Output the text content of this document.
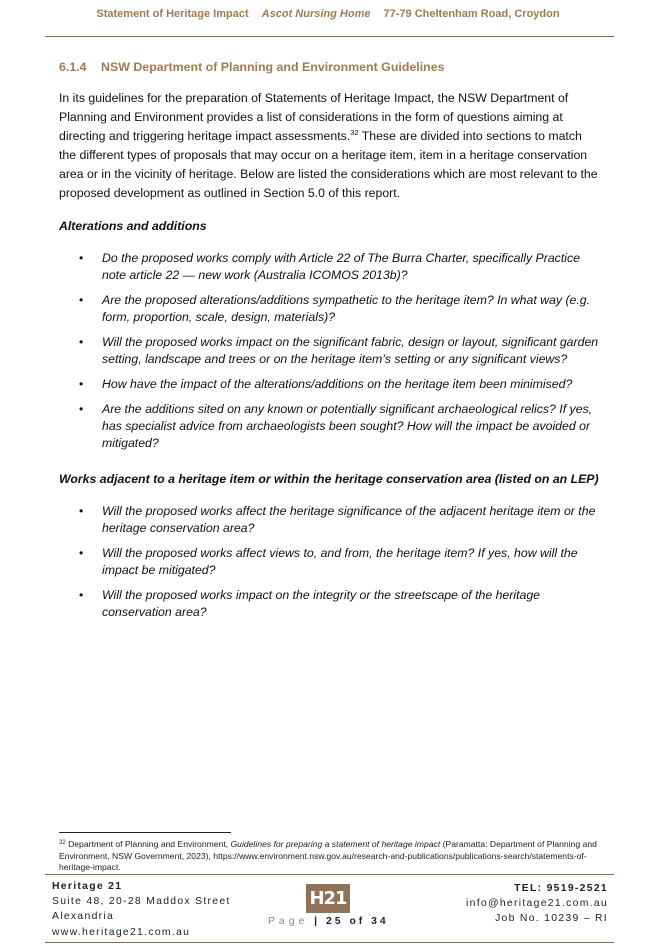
Statement of Heritage Impact Ascot Nursing Home 77-79 Cheltenham Road, Croydon
6.1.4 NSW Department of Planning and Environment Guidelines

In its guidelines for the preparation of Statements of Heritage Impact, the NSW Department of Planning and Environment provides a list of considerations in the form of questions aiming at directing and triggering heritage impact assessments.$^{32}$ These are divided into sections to match the different types of proposals that may occur on a heritage item, item in a heritage conservation area or in the vicinity of heritage. Below are listed the considerations which are most relevant to the proposed development as outlined in Section 5.0 of this report.

Alterations and additions
• Do the proposed works comply with Article 22 of The Burra Charter, specifically Practice note article 22 — new work (Australia ICOMOS 2013b)?
• Are the proposed alterations/additions sympathetic to the heritage item? In what way (e.g. form, proportion, scale, design, materials)?
• Will the proposed works impact on the significant fabric, design or layout, significant garden setting, landscape and trees or on the heritage item’s setting or any significant views?
• How have the impact of the alterations/additions on the heritage item been minimised?
• Are the additions sited on any known or potentially significant archaeological relics? If yes, has specialist advice from archaeologists been sought? How will the impact be avoided or mitigated?
Works adjacent to a heritage item or within the heritage conservation area (listed on an LEP)
• Will the proposed works affect the heritage significance of the adjacent heritage item or the heritage conservation area?
• Will the proposed works affect views to, and from, the heritage item? If yes, how will the impact be mitigated?
• Will the proposed works impact on the integrity or the streetscape of the heritage conservation area?
$^{32}$ Department of Planning and Environment, Guidelines for preparing a statement of heritage impact (Paramatta: Department of Planning and Environment, NSW Government, 2023), https://www.environment.nsw.gov.au/research-and-publications/publications-search/statements-of-heritage-impact.
Heritage 21
Suite 48, 20-28 Maddox Street
Alexandria
www.heritage21.com.au
H21
Page | 25 of 34
TEL: 9519-2521
info@heritage21.com.au
Job No. 10239 – RI
